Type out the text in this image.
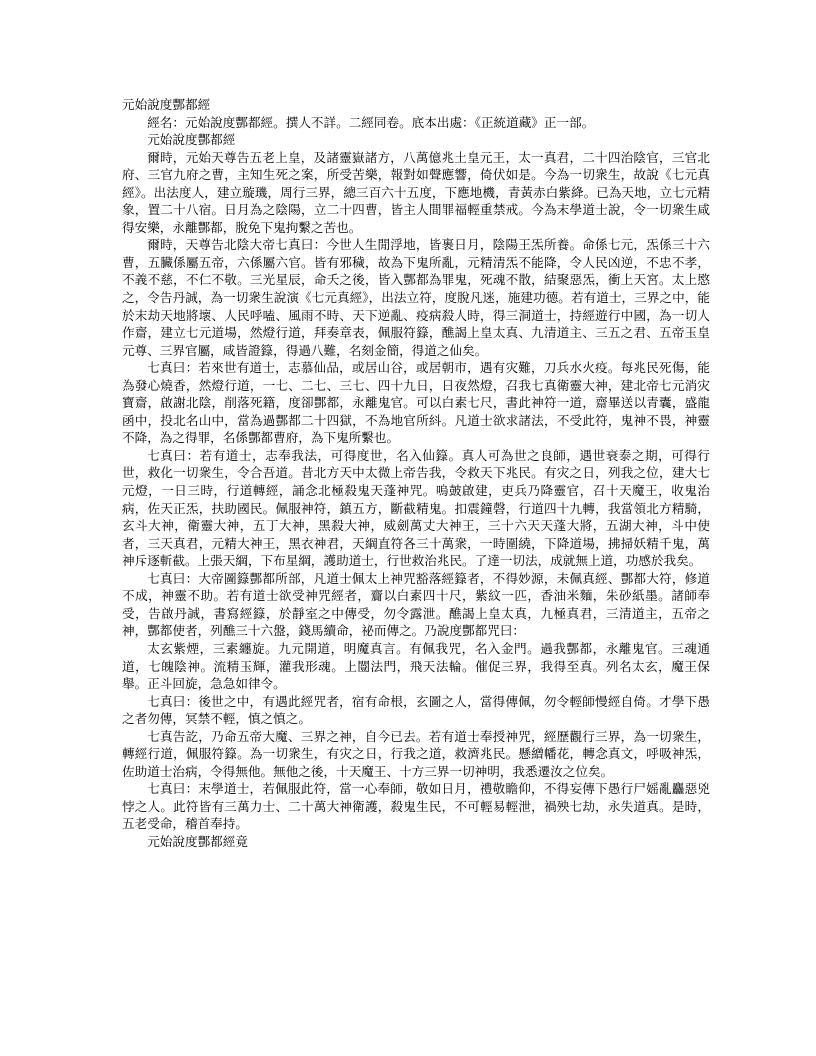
元始說度酆都經

經名：元始說度酆都經。撰人不詳。二經同卷。底本出處：《正統道藏》正一部。

元始說度酆都經

爾時，元始天尊告五老上皇，及諸靈嶽諸方，八萬億兆土皇元王，太一真君，二十四治陰官，三官北府、三官九府之曹，主知生死之案，所受苦樂，報對如聲應響，倚伏如是。今為一切衆生，故說《七元真經》。出法度人，建立璇璣，周行三界，總三百六十五度，下應地機，青黃赤白紫絳。已為天地，立七元精象，置二十八宿。日月為之陰陽，立二十四曹，皆主人間罪福輕重禁戒。今為末學道士說，令一切衆生咸得安樂，永離酆都，脫免下鬼拘繫之苦也。

爾時，天尊告北陰大帝七真曰：今世人生閒浮地，皆裹日月，陰陽王炁所養。命係七元，炁係三十六曹，五臟係屬五帝，六係屬六官。皆有邪穢，故為下鬼所亂，元精清炁不能降，令人民凶逆，不忠不孝，不義不慈，不仁不敬。三光星辰，命夭之後，皆入酆都為罪鬼，死魂不散，結聚惡炁，衝上天宮。太上愍之，令告丹誠，為一切衆生說演《七元真經》，出法立符，度脫凡迷，施建功德。若有道士，三界之中，能於末劫天地將壞、人民呼嗑、風雨不時、天下逆亂、疫病殺人時，得三洞道士，持經遊行中國，為一切人作齋，建立七元道場，然燈行道，拜奏章表，佩服符籙，醮謁上皇太真、九清道主、三五之君、五帝玉皇元尊、三界官屬，咸皆證籙，得過八難，名刻金簡，得道之仙矣。

七真曰：若來世有道士，志慕仙品，或居山谷，或居朝市，遇有灾難，刀兵水火疫。每兆民死傷，能為發心燒香，然燈行道，一七、二七、三七、四十九日，日夜然燈，召我七真衛靈大神，建北帝七元消灾寶齋，啟謝北陰，削落死籍，度卻酆都，永離鬼官。可以白素七尺，書此神符一道，齋畢送以青囊，盛龍函中，投北名山中，當為過酆都二十四獄，不為地官所紏。凡道士欲求諸法，不受此符，鬼神不畏，神靈不降，為之得罪，名係酆都曹府，為下鬼所繫也。

七真曰：若有道士，志奉我法，可得度世，名入仙籙。真人可為世之良師，遇世衰泰之期，可得行世，救化一切衆生，令合吾道。昔北方天中太微上帝告我，令救天下兆民。有灾之日，列我之位，建大七元燈，一日三時，行道轉經，誦念北極殺鬼天蓬神咒。嗚皷啟建，吏兵乃降靈官，召十天魔王，收鬼治病，佐天正炁，扶助國民。佩服神符，鎮五方，斷截精鬼。扣震鐘磬，行道四十九轉，我當領北方精騎，玄斗大神，衛靈大神，五丁大神，黑殺大神，威劍萬丈大神王，三十六天天蓬大將，五湖大神，斗中使者，三天真君，元精大神王，黑衣神君，天綱直符各三十萬衆，一時圍繞，下降道場，拂掃妖精千鬼，萬神斥逐斬截。上張天綱，下布星綱，護助道士，行世救治兆民。了達一切法，成就無上道，功感於我矣。

七真曰：大帝圖籙酆都所部，凡道士佩太上神咒豁落經籙者，不得妙源，未佩真經、酆都大符，修道不成，神靈不助。若有道士欲受神咒經者，齎以白素四十尺，紫紋一匹，香油米麵，朱砂紙墨。諸師奉受，告啟丹誠，書寫經籙，於靜室之中傳受，勿令露泄。醮謁上皇太真，九極真君，三清道主，五帝之神，酆都使者，列醮三十六盤，錢馬續命，祕而傳之。乃說度酆都咒曰：

太玄紫煙，三素纏旋。九元開道，明魔真言。有佩我咒，名入金門。過我酆都，永離鬼官。三魂通道，七魄陰神。流精玉輝，灌我形魂。上闓法門，飛天法輪。催促三界，我得至真。列名太玄，魔王保舉。正斗回旋，急急如律令。

七真曰：後世之中，有遇此經咒者，宿有命根，玄圖之人，當得傳佩，勿令輕師慢經自倚。才學下愚之者勿傳，冥禁不輕，慎之慎之。

七真告訖，乃命五帝大魔、三界之神，自今已去。若有道士奉授神咒，經歷觀行三界，為一切衆生，轉經行道，佩服符籙。為一切衆生，有灾之日，行我之道，救濟兆民。懸繒幡花，轉念真文，呼吸神炁，佐助道士治病，令得無他。無他之後，十天魔王、十方三界一切神明，我悉遷汝之位矣。

七真曰：末學道士，若佩服此符，當一心奉師，敬如日月，禮敬瞻仰，不得妄傳下愚行尸媱亂麤惡兇悖之人。此符皆有三萬力士、二十萬大神衛護，殺鬼生民，不可輕易輕泄，禍殃七劫，永失道真。是時，五老受命，稽首奉持。

元始說度酆都經竟
